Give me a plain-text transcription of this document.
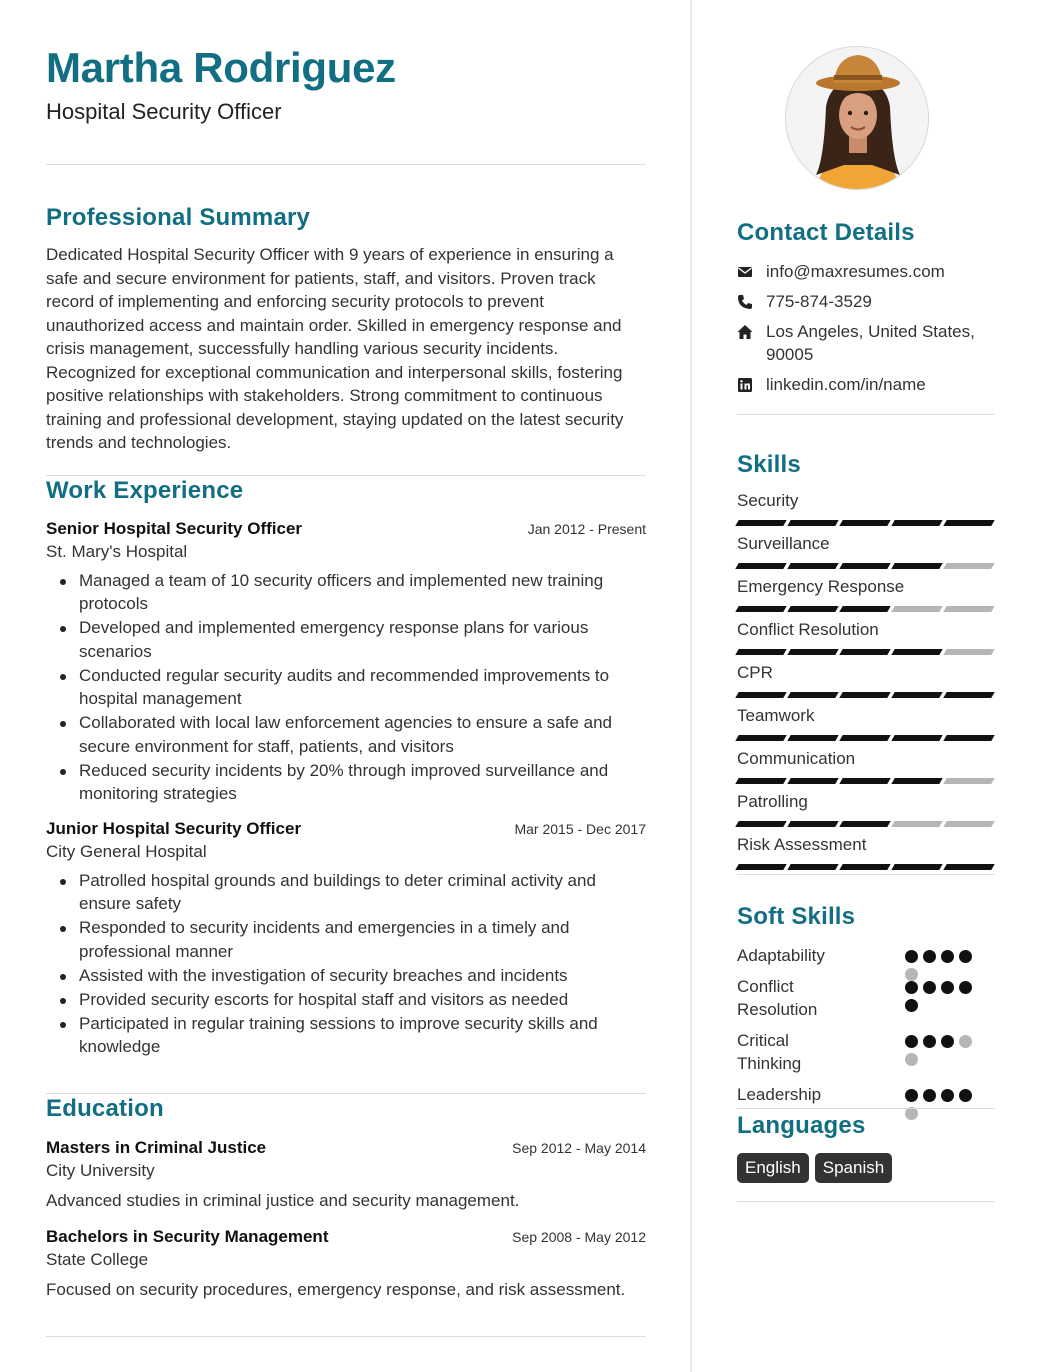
Martha Rodriguez
Hospital Security Officer
Professional Summary

Dedicated Hospital Security Officer with 9 years of experience in ensuring a safe and secure environment for patients, staff, and visitors. Proven track record of implementing and enforcing security protocols to prevent unauthorized access and maintain order. Skilled in emergency response and crisis management, successfully handling various security incidents. Recognized for exceptional communication and interpersonal skills, fostering positive relationships with stakeholders. Strong commitment to continuous training and professional development, staying updated on the latest security trends and technologies.

Work Experience
Senior Hospital Security Officer	Jan 2012 - Present
St. Mary's Hospital
Managed a team of 10 security officers and implemented new training protocols
Developed and implemented emergency response plans for various scenarios
Conducted regular security audits and recommended improvements to hospital management
Collaborated with local law enforcement agencies to ensure a safe and secure environment for staff, patients, and visitors
Reduced security incidents by 20% through improved surveillance and monitoring strategies
Junior Hospital Security Officer	Mar 2015 - Dec 2017
City General Hospital
Patrolled hospital grounds and buildings to deter criminal activity and ensure safety
Responded to security incidents and emergencies in a timely and professional manner
Assisted with the investigation of security breaches and incidents
Provided security escorts for hospital staff and visitors as needed
Participated in regular training sessions to improve security skills and knowledge
Education
Masters in Criminal Justice	Sep 2012 - May 2014
City University

Advanced studies in criminal justice and security management.

Bachelors in Security Management	Sep 2008 - May 2012
State College

Focused on security procedures, emergency response, and risk assessment.

Contact Details
info@maxresumes.com
775-874-3529
Los Angeles, United States, 90005
linkedin.com/in/name
Skills
Security
Surveillance
Emergency Response
Conflict Resolution
CPR
Teamwork
Communication
Patrolling
Risk Assessment
Soft Skills
Adaptability
Conflict Resolution
Critical Thinking
Leadership
Languages
English	Spanish
